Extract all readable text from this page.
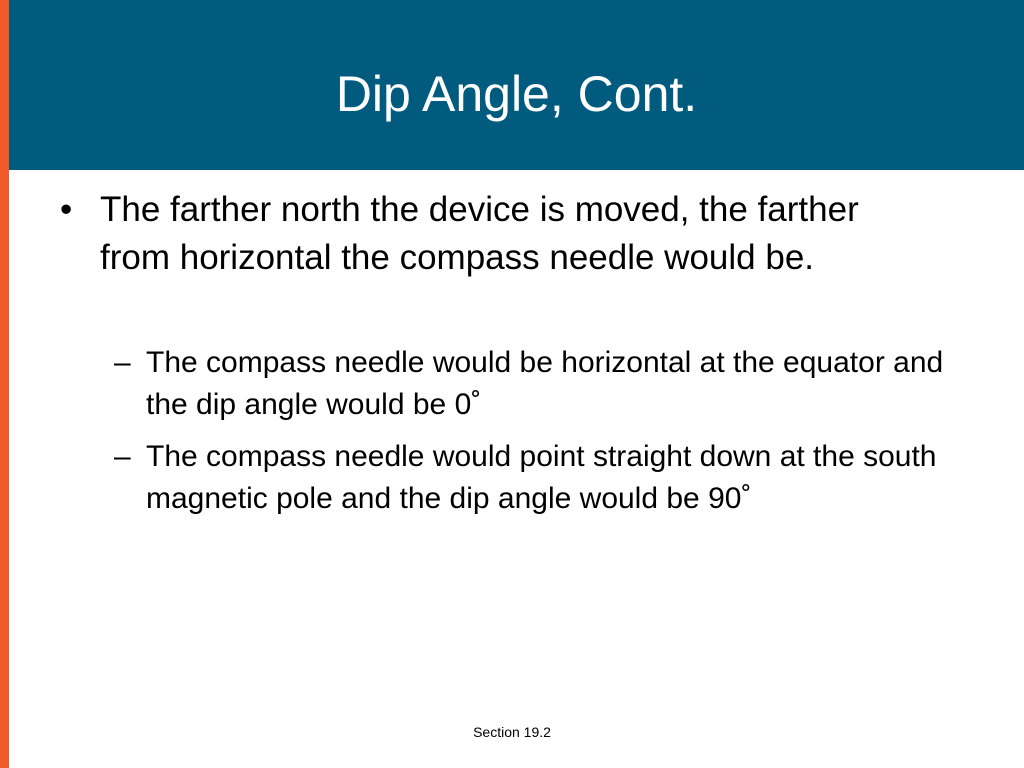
Dip Angle, Cont.
• The farther north the device is moved, the farther from horizontal the compass needle would be.
– The compass needle would be horizontal at the equator and the dip angle would be 0˚
– The compass needle would point straight down at the south magnetic pole and the dip angle would be 90˚
Section 19.2
